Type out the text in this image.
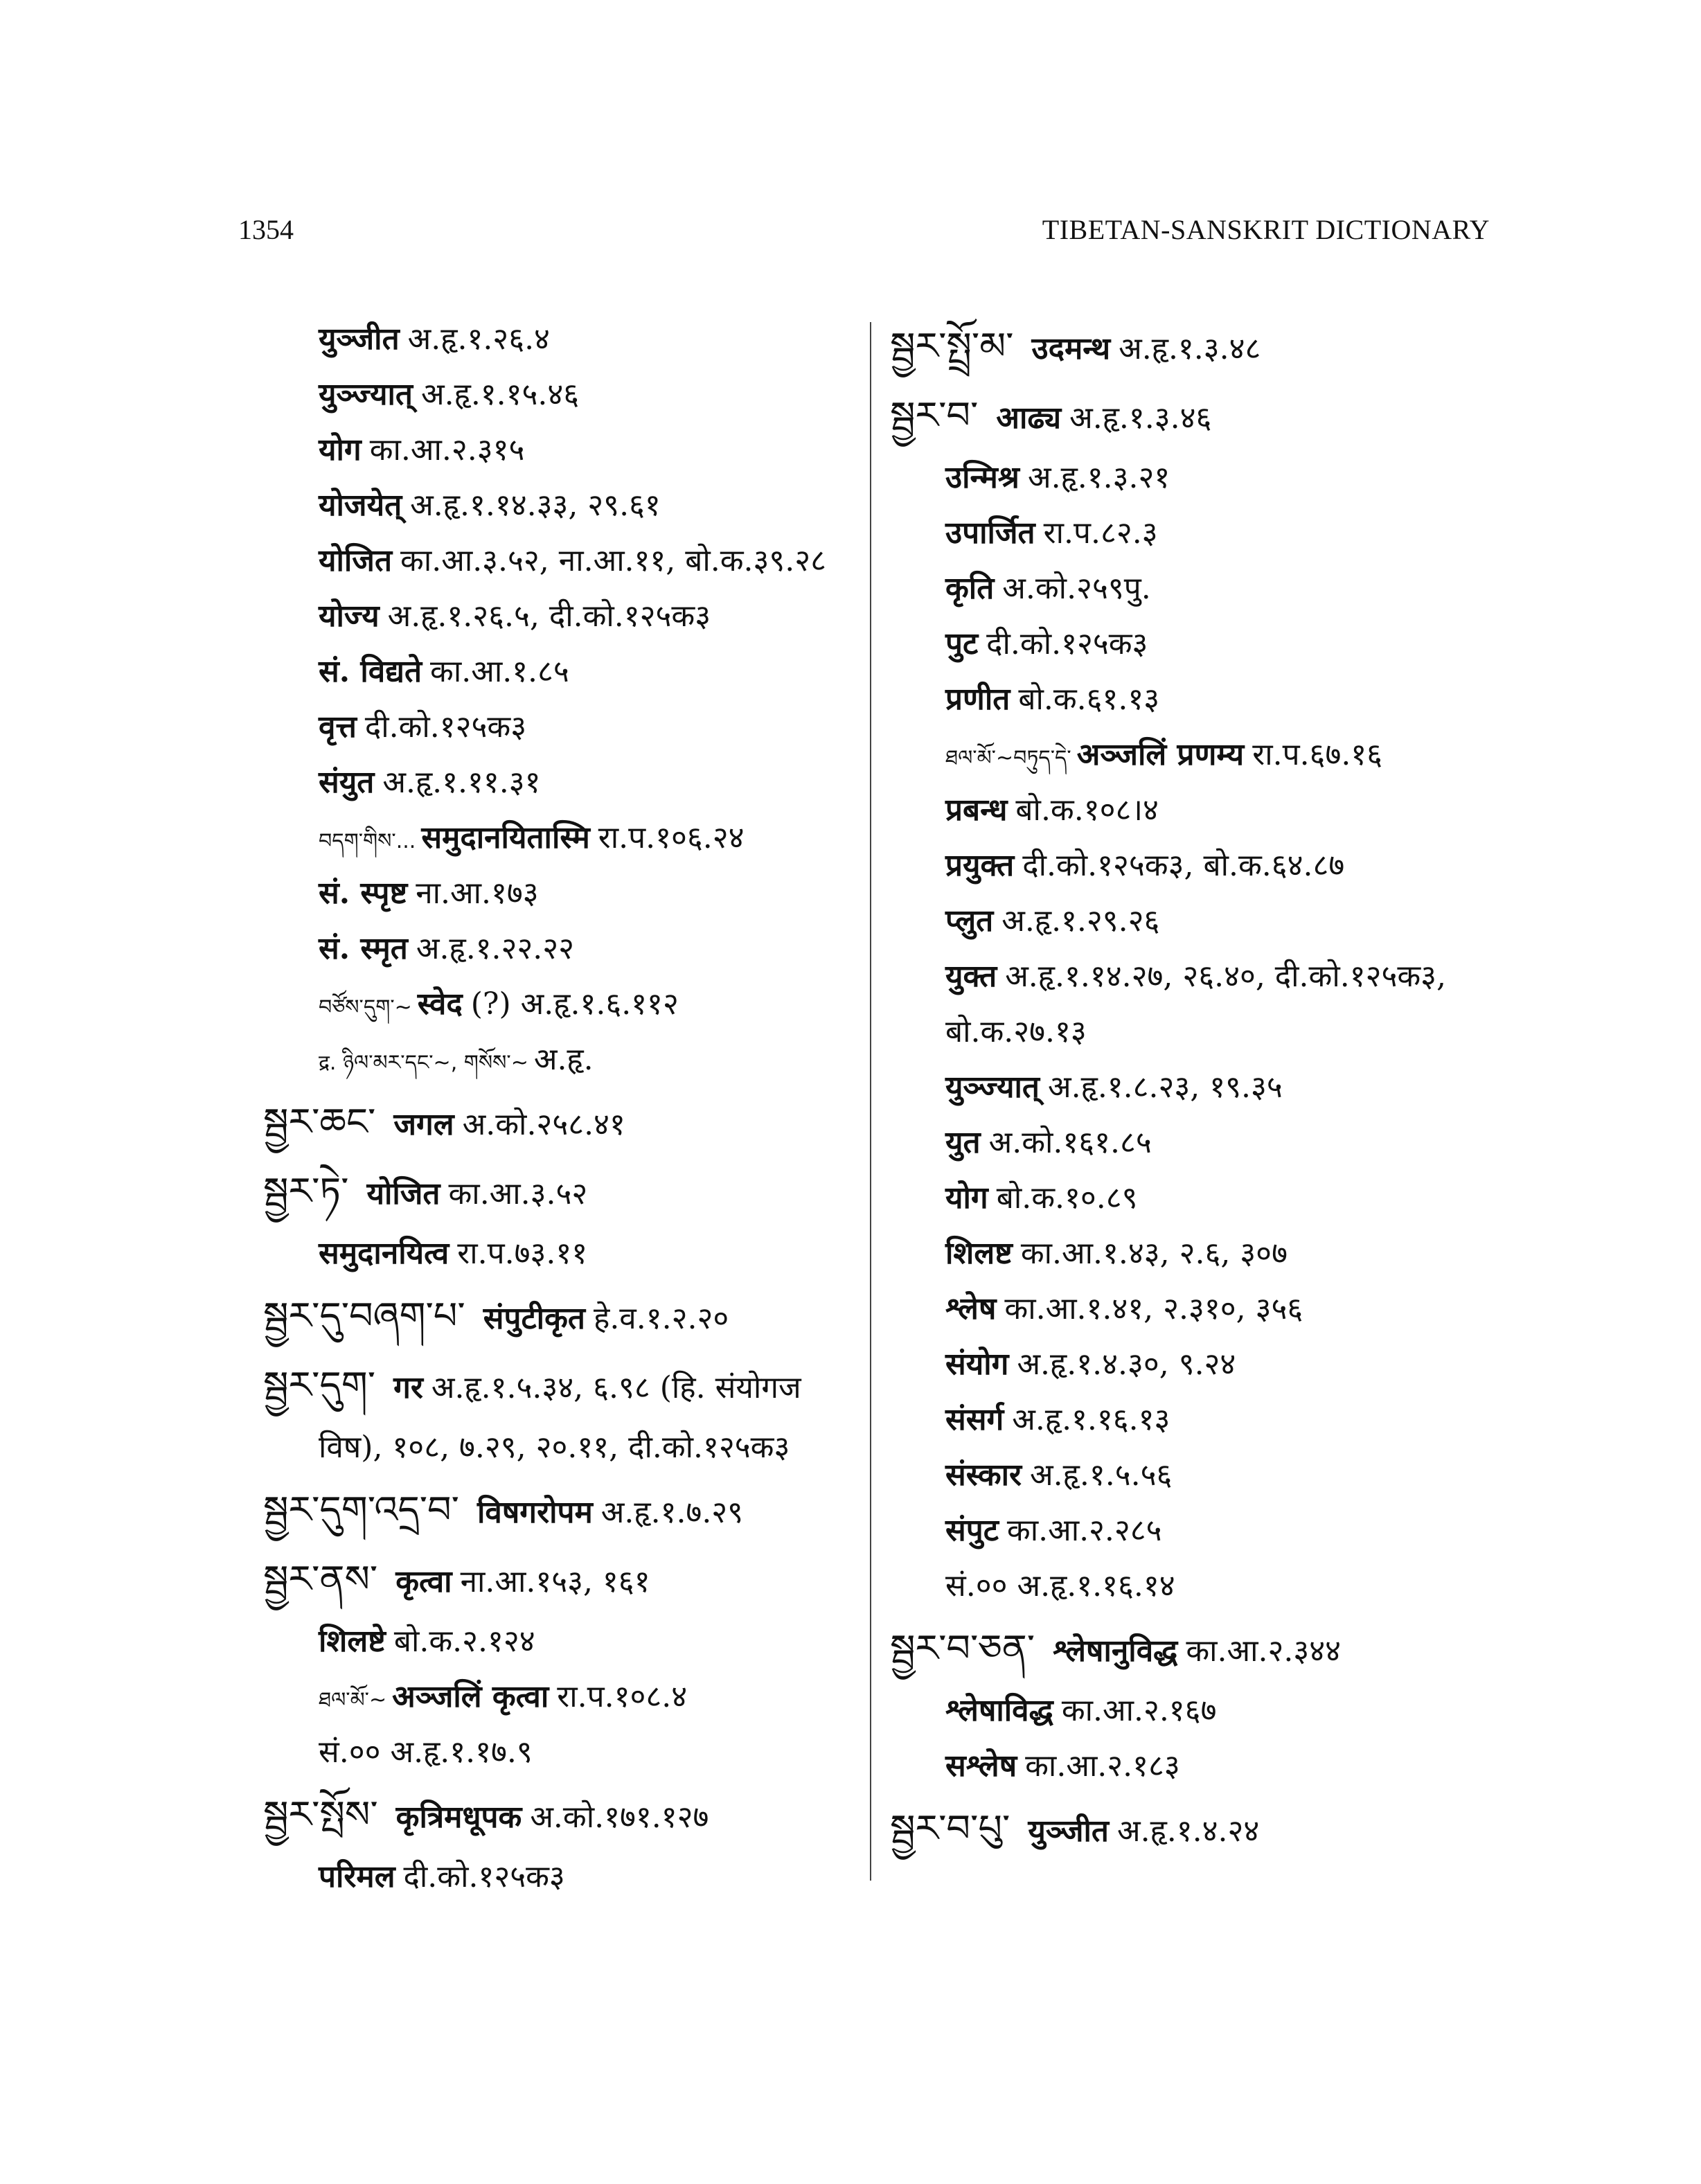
1354	TIBETAN-SANSKRIT DICTIONARY
युञ्जीत अ.हृ.१.२६.४
युञ्ज्यात् अ.हृ.१.१५.४६
योग का.आ.२.३१५
योजयेत् अ.हृ.१.१४.३३, २९.६१
योजित का.आ.३.५२, ना.आ.११, बो.क.३९.२८
योज्य अ.हृ.१.२६.५, दी.को.१२५क३
सं. विद्यते का.आ.१.८५
वृत्त दी.को.१२५क३
संयुत अ.हृ.१.११.३१
བདག་གིས་... समुदानयितास्मि रा.प.१०६.२४
सं. स्पृष्ट ना.आ.१७३
सं. स्मृत अ.हृ.१.२२.२२
བཙོས་དུག་~ स्वेद (?) अ.हृ.१.६.११२
द्र. ཉིལ་མར་དང་~, གསོས་~ अ.हृ.
སྦྱར་ཆང་ जगल अ.को.२५८.४१
སྦྱར་ཏེ་ योजित का.आ.३.५२
समुदानयित्व रा.प.७३.११
སྦྱར་དུ་བཞག་པ་ संपुटीकृत हे.व.१.२.२०
སྦྱར་དུག་ गर अ.हृ.१.५.३४, ६.९८ (हि. संयोगज
विष), १०८, ७.२९, २०.११, दी.को.१२५क३
སྦྱར་དུག་འདྲ་བ་ विषगरोपम अ.हृ.१.७.२९
སྦྱར་ནས་ कृत्वा ना.आ.१५३, १६१
शिलष्टे बो.क.२.१२४
ཐལ་མོ་~ अञ्जलिं कृत्वा रा.प.१०८.४
सं.०० अ.हृ.१.१७.९
སྦྱར་སྤོས་ कृत्रिमधूपक अ.को.१७१.१२७
परिमल दी.को.१२५क३
སྦྱར་སྤྲོ་མ་ उदमन्थ अ.हृ.१.३.४८
སྦྱར་བ་ आढ्य अ.हृ.१.३.४६
उन्मिश्र अ.हृ.१.३.२१
उपार्जित रा.प.८२.३
कृति अ.को.२५९पु.
पुट दी.को.१२५क३
प्रणीत बो.क.६१.१३
ཐལ་མོ་~བཏུད་དེ་ अञ्जलिं प्रणम्य रा.प.६७.१६
प्रबन्ध बो.क.१०८।४
प्रयुक्त दी.को.१२५क३, बो.क.६४.८७
प्लुत अ.हृ.१.२९.२६
युक्त अ.हृ.१.१४.२७, २६.४०, दी.को.१२५क३,
बो.क.२७.१३
युञ्ज्यात् अ.हृ.१.८.२३, १९.३५
युत अ.को.१६१.८५
योग बो.क.१०.८९
शिलष्ट का.आ.१.४३, २.६, ३०७
श्लेष का.आ.१.४१, २.३१०, ३५६
संयोग अ.हृ.१.४.३०, ९.२४
संसर्ग अ.हृ.१.१६.१३
संस्कार अ.हृ.१.५.५६
संपुट का.आ.२.२८५
सं.०० अ.हृ.१.१६.१४
སྦྱར་བ་ཅན་ श्लेषानुविद्ध का.आ.२.३४४
श्लेषाविद्ध का.आ.२.१६७
सश्लेष का.आ.२.१८३
སྦྱར་བ་པུ་ युञ्जीत अ.हृ.१.४.२४
